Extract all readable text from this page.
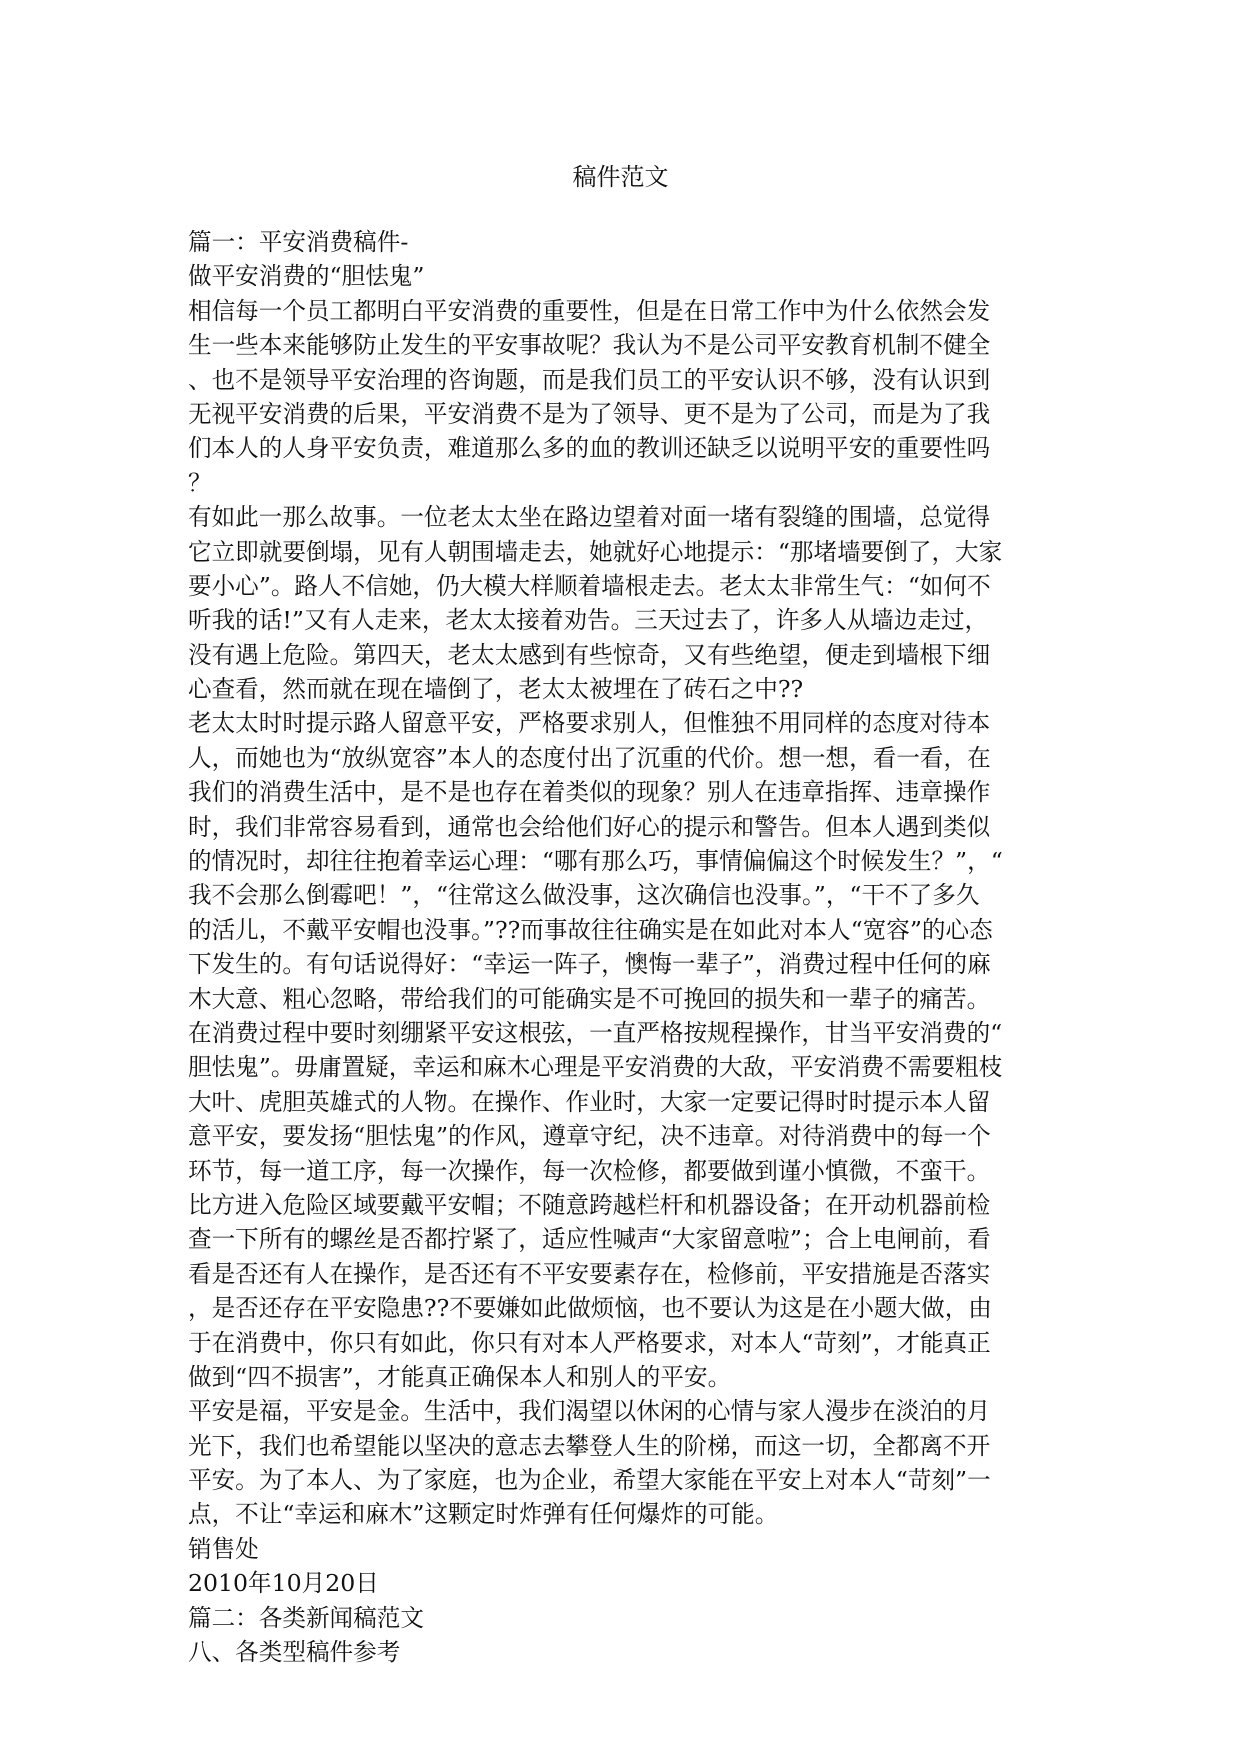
稿件范文
篇一：平安消费稿件-
做平安消费的“胆怯鬼”
相信每一个员工都明白平安消费的重要性，但是在日常工作中为什么依然会发
生一些本来能够防止发生的平安事故呢？我认为不是公司平安教育机制不健全
、也不是领导平安治理的咨询题，而是我们员工的平安认识不够，没有认识到
无视平安消费的后果，平安消费不是为了领导、更不是为了公司，而是为了我
们本人的人身平安负责，难道那么多的血的教训还缺乏以说明平安的重要性吗
？
有如此一那么故事。一位老太太坐在路边望着对面一堵有裂缝的围墙，总觉得
它立即就要倒塌，见有人朝围墙走去，她就好心地提示：“那堵墙要倒了，大家
要小心”。路人不信她，仍大模大样顺着墙根走去。老太太非常生气：“如何不
听我的话!”又有人走来，老太太接着劝告。三天过去了，许多人从墙边走过，
没有遇上危险。第四天，老太太感到有些惊奇，又有些绝望，便走到墙根下细
心查看，然而就在现在墙倒了，老太太被埋在了砖石之中??
老太太时时提示路人留意平安，严格要求别人，但惟独不用同样的态度对待本
人，而她也为“放纵宽容”本人的态度付出了沉重的代价。想一想，看一看，在
我们的消费生活中，是不是也存在着类似的现象？别人在违章指挥、违章操作
时，我们非常容易看到，通常也会给他们好心的提示和警告。但本人遇到类似
的情况时，却往往抱着幸运心理：“哪有那么巧，事情偏偏这个时候发生？”，“
我不会那么倒霉吧！”，“往常这么做没事，这次确信也没事。”，“干不了多久
的活儿，不戴平安帽也没事。”??而事故往往确实是在如此对本人“宽容”的心态
下发生的。有句话说得好：“幸运一阵子，懊悔一辈子”，消费过程中任何的麻
木大意、粗心忽略，带给我们的可能确实是不可挽回的损失和一辈子的痛苦。
在消费过程中要时刻绷紧平安这根弦，一直严格按规程操作，甘当平安消费的“
胆怯鬼”。毋庸置疑，幸运和麻木心理是平安消费的大敌，平安消费不需要粗枝
大叶、虎胆英雄式的人物。在操作、作业时，大家一定要记得时时提示本人留
意平安，要发扬“胆怯鬼”的作风，遵章守纪，决不违章。对待消费中的每一个
环节，每一道工序，每一次操作，每一次检修，都要做到谨小慎微，不蛮干。
比方进入危险区域要戴平安帽；不随意跨越栏杆和机器设备；在开动机器前检
查一下所有的螺丝是否都拧紧了，适应性喊声“大家留意啦”；合上电闸前，看
看是否还有人在操作，是否还有不平安要素存在，检修前，平安措施是否落实
，是否还存在平安隐患??不要嫌如此做烦恼，也不要认为这是在小题大做，由
于在消费中，你只有如此，你只有对本人严格要求，对本人“苛刻”，才能真正
做到“四不损害”，才能真正确保本人和别人的平安。
平安是福，平安是金。生活中，我们渴望以休闲的心情与家人漫步在淡泊的月
光下，我们也希望能以坚决的意志去攀登人生的阶梯，而这一切，全都离不开
平安。为了本人、为了家庭，也为企业，希望大家能在平安上对本人“苛刻”一
点，不让“幸运和麻木”这颗定时炸弹有任何爆炸的可能。
销售处
2010年10月20日
篇二：各类新闻稿范文
八、各类型稿件参考
